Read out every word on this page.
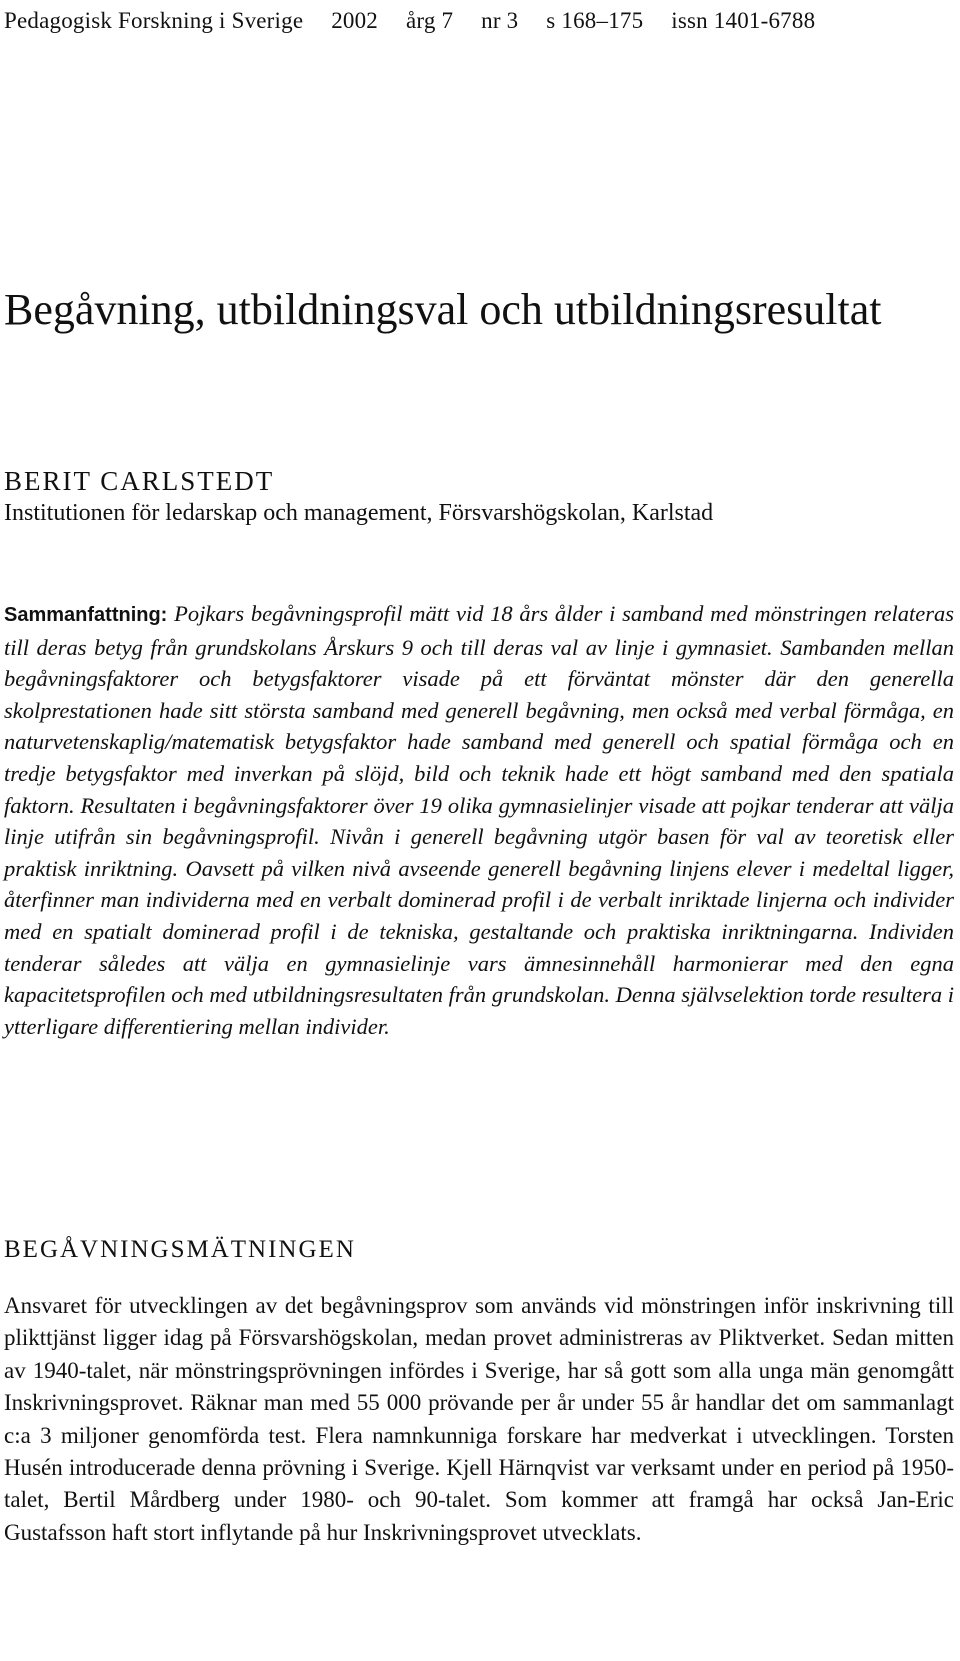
Pedagogisk Forskning i Sverige 2002 årg 7 nr 3 s 168–175 issn 1401-6788
Begåvning, utbildningsval och utbildningsresultat
BERIT CARLSTEDT
Institutionen för ledarskap och management, Försvarshögskolan, Karlstad

Sammanfattning: Pojkars begåvningsprofil mätt vid 18 års ålder i samband med mönstringen relateras till deras betyg från grundskolans Årskurs 9 och till deras val av linje i gymnasiet. Sambanden mellan begåvningsfaktorer och betygsfaktorer visade på ett förväntat mönster där den generella skolprestationen hade sitt största samband med generell begåvning, men också med verbal förmåga, en naturvetenskaplig/matematisk betygsfaktor hade samband med generell och spatial förmåga och en tredje betygsfaktor med inverkan på slöjd, bild och teknik hade ett högt samband med den spatiala faktorn. Resultaten i begåvningsfaktorer över 19 olika gymnasielinjer visade att pojkar tenderar att välja linje utifrån sin begåvningsprofil. Nivån i generell begåvning utgör basen för val av teoretisk eller praktisk inriktning. Oavsett på vilken nivå avseende generell begåvning linjens elever i medeltal ligger, återfinner man individerna med en verbalt dominerad profil i de verbalt inriktade linjerna och individer med en spatialt dominerad profil i de tekniska, gestaltande och praktiska inriktningarna. Individen tenderar således att välja en gymnasielinje vars ämnesinnehåll harmonierar med den egna kapacitetsprofilen och med utbildningsresultaten från grundskolan. Denna självselektion torde resultera i ytterligare differentiering mellan individer.

BEGÅVNINGSMÄTNINGEN

Ansvaret för utvecklingen av det begåvningsprov som används vid mönstringen inför inskrivning till plikttjänst ligger idag på Försvarshögskolan, medan provet administreras av Pliktverket. Sedan mitten av 1940-talet, när mönstringsprövningen infördes i Sverige, har så gott som alla unga män genomgått Inskrivningsprovet. Räknar man med 55 000 prövande per år under 55 år handlar det om sammanlagt c:a 3 miljoner genomförda test. Flera namnkunniga forskare har medverkat i utvecklingen. Torsten Husén introducerade denna prövning i Sverige. Kjell Härnqvist var verksamt under en period på 1950-talet, Bertil Mårdberg under 1980- och 90-talet. Som kommer att framgå har också Jan-Eric Gustafsson haft stort inflytande på hur Inskrivningsprovet utvecklats.
